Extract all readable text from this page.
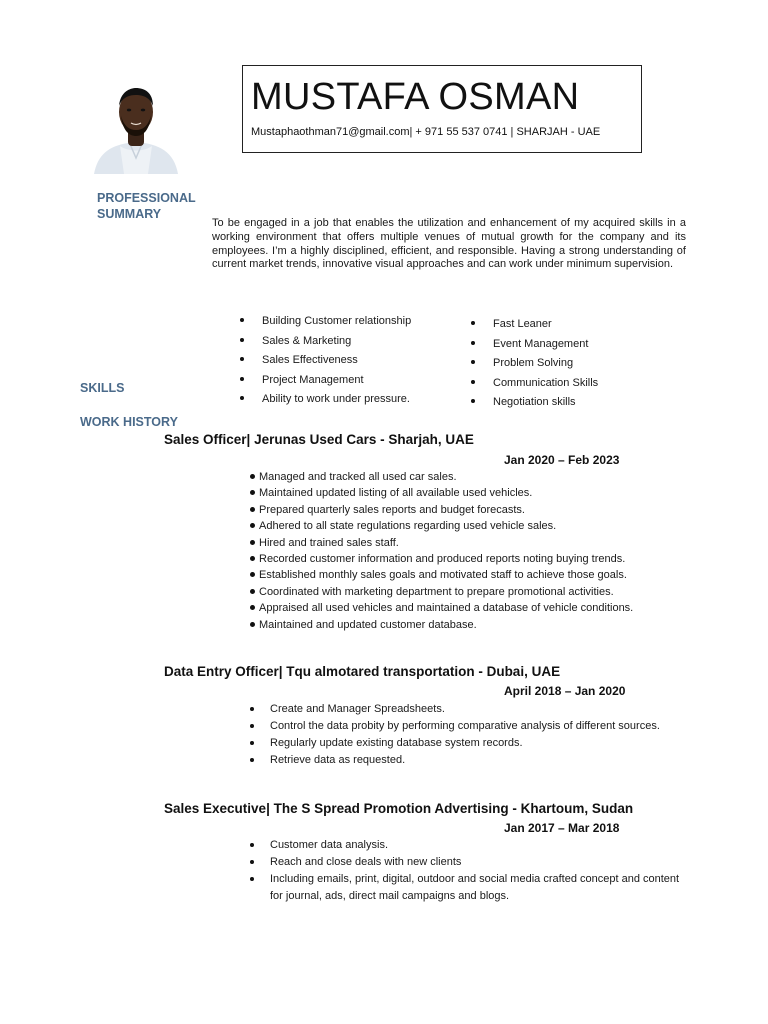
MUSTAFA OSMAN
Mustaphaothman71@gmail.com| + 971 55 537 0741 | SHARJAH - UAE
PROFESSIONAL
SUMMARY
SKILLS
WORK HISTORY
To be engaged in a job that enables the utilization and enhancement of my acquired skills in a working environment that offers multiple venues of mutual growth for the company and its employees. I’m a highly disciplined, efficient, and responsible. Having a strong understanding of current market trends, innovative visual approaches and can work under minimum supervision.
Building Customer relationship
Sales & Marketing
Sales Effectiveness
Project Management
Ability to work under pressure.
Fast Leaner
Event Management
Problem Solving
Communication Skills
Negotiation skills
Sales Officer| Jerunas Used Cars - Sharjah, UAE
Jan 2020 – Feb 2023
Managed and tracked all used car sales.
Maintained updated listing of all available used vehicles.
Prepared quarterly sales reports and budget forecasts.
Adhered to all state regulations regarding used vehicle sales.
Hired and trained sales staff.
Recorded customer information and produced reports noting buying trends.
Established monthly sales goals and motivated staff to achieve those goals.
Coordinated with marketing department to prepare promotional activities.
Appraised all used vehicles and maintained a database of vehicle conditions.
Maintained and updated customer database.
Data Entry Officer| Tqu almotared transportation - Dubai, UAE
April 2018 – Jan 2020
Create and Manager Spreadsheets.
Control the data probity by performing comparative analysis of different sources.
Regularly update existing database system records.
Retrieve data as requested.
Sales Executive| The S Spread Promotion Advertising - Khartoum, Sudan
Jan 2017 – Mar 2018
Customer data analysis.
Reach and close deals with new clients
Including emails, print, digital, outdoor and social media crafted concept and content for journal, ads, direct mail campaigns and blogs.
